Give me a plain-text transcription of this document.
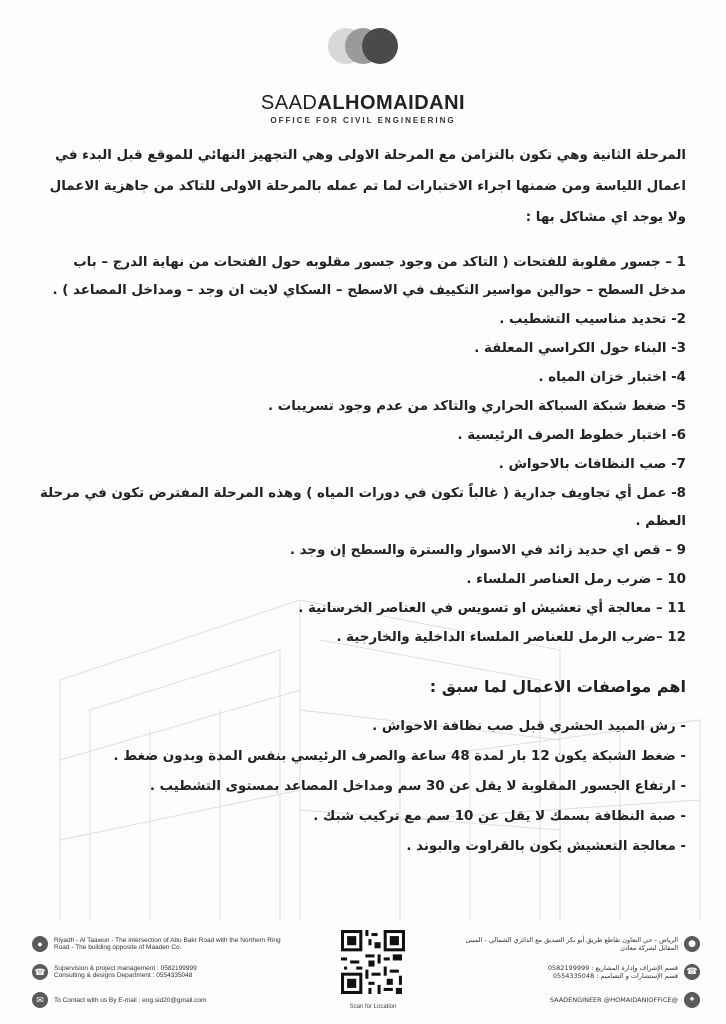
SAADALHOMAIDANI
OFFICE FOR CIVIL ENGINEERING

المرحلة الثانية وهي تكون بالتزامن مع المرحلة الاولى وهي التجهيز النهائي للموقع قبل البدء في اعمال اللياسة ومن ضمنها اجراء الاختبارات لما تم عمله بالمرحلة الاولى للتاكد من جاهزية الاعمال ولا يوجد اي مشاكل بها :

1 – جسور مقلوبة للفتحات ( التاكد من وجود جسور مقلوبه حول الفتحات من نهاية الدرج – باب مدخل السطح – حوالين مواسير التكييف في الاسطح – السكاي لايت ان وجد – ومداخل المصاعد ) .
2- تحديد مناسيب التشطيب .
3- البناء حول الكراسي المعلقة .
4- اختبار خزان المياه .
5- ضغط شبكة السباكة الحراري والتاكد من عدم وجود تسريبات .
6- اختبار خطوط الصرف الرئيسية .
7- صب النظافات بالاحواش .
8- عمل أي تجاويف جدارية ( غالباً تكون في دورات المياه ) وهذه المرحلة المفترض تكون في مرحلة العظم .
9 – قص اي حديد زائد في الاسوار والسترة والسطح إن وجد .
10 – ضرب رمل العناصر الملساء .
11 – معالجة أي تعشيش او تسويس في العناصر الخرسانية .
12 –ضرب الرمل للعناصر الملساء الداخلية والخارجية .
اهم مواصفات الاعمال لما سبق :
- رش المبيد الحشري قبل صب نظافة الاحواش .
- ضغط الشبكة يكون 12 بار لمدة 48 ساعة والصرف الرئيسي بنفس المدة وبدون ضغط .
- ارتفاع الجسور المقلوبة لا يقل عن 30 سم ومداخل المصاعد بمستوى التشطيب .
- صبة النظافة بسمك لا يقل عن 10 سم مع تركيب شبك .
- معالجة التعشيش يكون بالقراوت والبوند .
●	Riyadh - Al Taawun - The intersection of Abu Bakr Road with the Northern Ring Road - The building opposite of Maaden Co.
☎	Supervision & project management : 0582199999
Consulting & designs Department : 0554335048
✉	To Contact with us By E-mail : eng.sid20@gmail.com
Scan for Location
●
الرياض - حي التعاون تقاطع طريق أبو بكر الصديق مع الدائري الشمالي - المبنى المقابل لشركة معادن
☎
قسم الإشراف وإدارة المشاريع : 0582199999
قسم الإستشارات و التصاميم : 0554335048
✦
@SAADENGINEER @HOMAIDANIOFFICE
